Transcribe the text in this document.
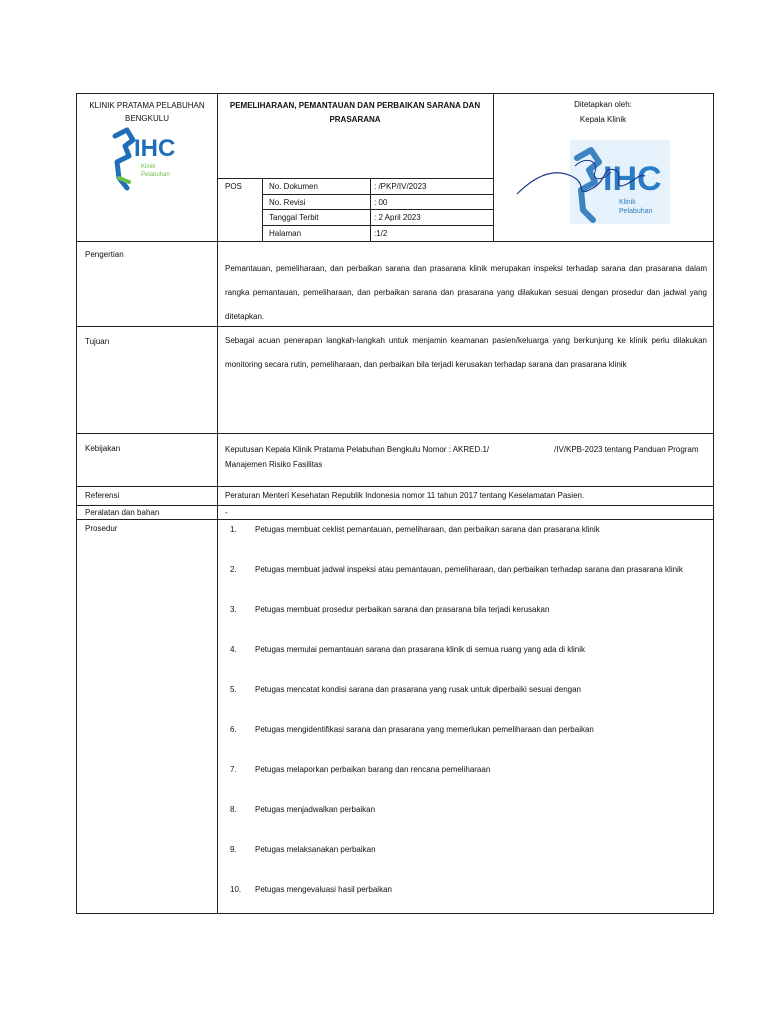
KLINIK PRATAMA PELABUHAN
BENGKULU
IHC
Klinik
Pelabuhan
PEMELIHARAAN, PEMANTAUAN DAN PERBAIKAN SARANA DAN
PRASARANA
POS	No. Dokumen	: /PKP/IV/2023
No. Revisi	: 00
Tanggal Terbit	: 2 April 2023
Halaman	:1/2
Ditetapkan oleh:
Kepala Klinik
IHC
Klinik
Pelabuhan
Pengertian
Pemantauan, pemeliharaan, dan perbaikan sarana dan prasarana klinik merupakan inspeksi terhadap sarana dan prasarana dalam rangka pemantauan, pemeliharaan, dan perbaikan sarana dan prasarana yang dilakukan sesuai dengan prosedur dan jadwal yang ditetapkan.
Tujuan	Sebagai acuan penerapan langkah-langkah untuk menjamin keamanan pasien/keluarga yang berkunjung ke klinik perlu dilakukan monitoring secara rutin, pemeliharaan, dan perbaikan bila terjadi kerusakan terhadap sarana dan prasarana klinik
Kebijakan	Keputusan Kepala Klinik Pratama Pelabuhan Bengkulu Nomor : AKRED.1/	/IV/KPB-2023 tentang Panduan Program
Manajemen Risiko Fasilitas
Referensi	Peraturan Menteri Kesehatan Republik Indonesia nomor 11 tahun 2017 tentang Keselamatan Pasien.
Peralatan dan bahan	-
Prosedur	1. Petugas membuat ceklist pemantauan, pemeliharaan, dan perbaikan sarana dan prasarana klinik
2. Petugas membuat jadwal inspeksi atau pemantauan, pemeliharaan, dan perbaikan terhadap sarana dan prasarana klinik
3. Petugas membuat prosedur perbaikan sarana dan prasarana bila terjadi kerusakan
4. Petugas memulai pemantauan sarana dan prasarana klinik di semua ruang yang ada di klinik
5. Petugas mencatat kondisi sarana dan prasarana yang rusak untuk diperbaiki sesuai dengan
6. Petugas mengidentifikasi sarana dan prasarana yang memerlukan pemeliharaan dan perbaikan
7. Petugas melaporkan perbaikan barang dan rencana pemeliharaan
8. Petugas menjadwalkan perbaikan
9. Petugas melaksanakan perbaikan
10. Petugas mengevaluasi hasil perbaikan
